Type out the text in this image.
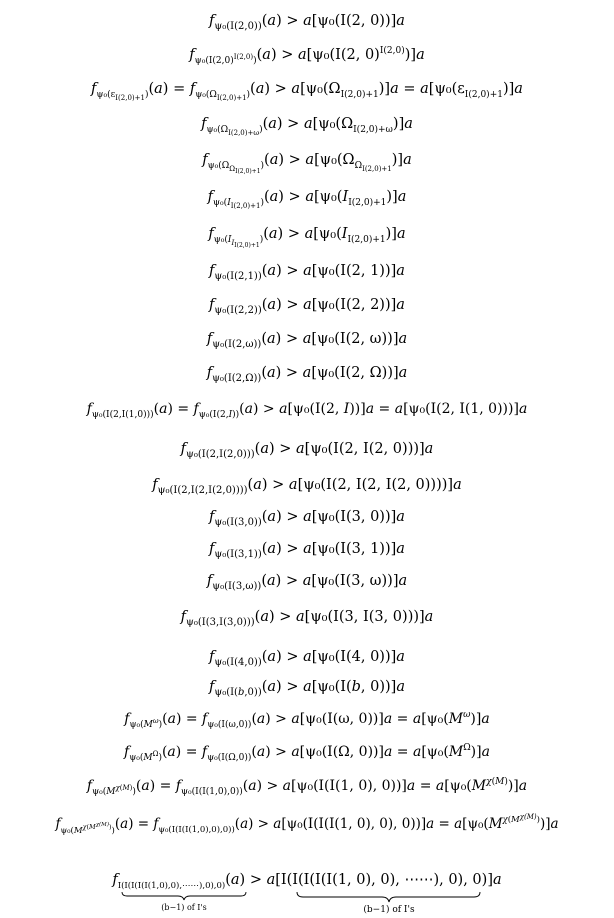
$f_{\psi_0(I(2,0))}(a) > a[\psi_0(I(2$, 0))]a
$f_{\psi_0(I(2,0)}^{I(2,0)}_)(a) > a[\psi_0(I(2$, 0)$^{I(2,0)}$)]a
$f_{\psi_0(\varepsilon I(2,0)+1}^)(a) = f_{\psi_0(\Omega I(2,0)+1}^)(a) > a[\psi_0(\Omega_{I(2,0)+1})]a = a[\psi_0(\varepsilon_{I(2,0)+1})]a$
$f_{\psi_0(\Omega I(2,0)+\omega}^)(a) > a[\psi_0(\Omega_{I(2,0)+\omega})]a$
$f_{\psi_0(\Omega\Omega}I(2,0)+1^)(a) > a[\psi_0(\Omega_{\Omega I(2,0)+1})]a$
$f_{\psi_0(}I_{I(2,0)+1}^)(a) > a[\psi_0(I_{I(2,0)+1})]a$
$f_{\psi_0(}I_II(2,0)+1^)(a) > a[\psi_0(I_{I(2,0)+1})]a$
$f_{\psi_0(I(2,1))}(a) > a[\psi_0(I(2$, 1))]a
$f_{\psi_0(I(2,2))}(a) > a[\psi_0(I(2$, 2))]a
$f_{\psi_0(I(2,\omega))}(a) > a[\psi_0(I(2$, ω))]a
$f_{\psi_0(I(2,\Omega))}(a) > a[\psi_0(I(2$, Ω))]a
$f_{\psi_0(I(2,I(1,0)))}(a) = f_{\psi_0(I(2,}I))(a) > a[\psi_0(I(2$, I))]a = a[ψ₀(I(2, I(1, 0)))]a
$f_{\psi_0(I(2,I(2,0)))}(a) > a[\psi_0(I(2$, I(2, 0)))]a
$f_{\psi_0(I(2,I(2,I(2,0))))}(a) > a[\psi_0(I(2$, I(2, I(2, 0))))]a
$f_{\psi_0(I(3,0))}(a) > a[\psi_0(I(3$, 0))]a
$f_{\psi_0(I(3,1))}(a) > a[\psi_0(I(3$, 1))]a
$f_{\psi_0(I(3,\omega))}(a) > a[\psi_0(I(3$, ω))]a
$f_{\psi_0(I(3,I(3,0)))}(a) > a[\psi_0(I(3$, I(3, 0)))]a
$f_{\psi_0(I(4,0))}(a) > a[\psi_0(I(4$, 0))]a
$f_{\psi_0(I(}b,0))(a) > a[\psi_0(I(b$, 0))]a
$f_{\psi_0(}M^\omega_)(a) = f_{\psi_0(I(\omega,0))}(a) > a[\psi_0(I(\omega$, $0))]a = a[\psi_0(M^\omega)]a$
$f_{\psi_0(}M^\Omega_)(a) = f_{\psi_0(I(\Omega,0))}(a) > a[\psi_0(I(\Omega$, $0))]a = a[\psi_0(M^\Omega)]a$
$f_{\psi_0(}M^\chi(M)_)(a) = f_{\psi_0(I(I(1,0),0))}(a) > a[\psi_0(I(I(1$, 0), $0))]a = a[\psi_0(M^\chi(M))]a$
$f_{\psi_0(}M^\chi(M^{\chi(M)}_{))}(a) = f_{\psi_0(I(I(I(1,0),0),0))}(a) > a[\psi_0(I(I(I(1$, 0), 0), $0))]a = a[\psi_0(M^\chi(M^{\chi(M)}_))]a$
$f_{I(I(I(I(I(1,0),0),\cdots\cdots),0),0)}(a) > a[I(I(I(I(I(1$, 0), 0), ⋯⋯), 0), 0)]a
(b−1) of I's	(b−1) of I's
